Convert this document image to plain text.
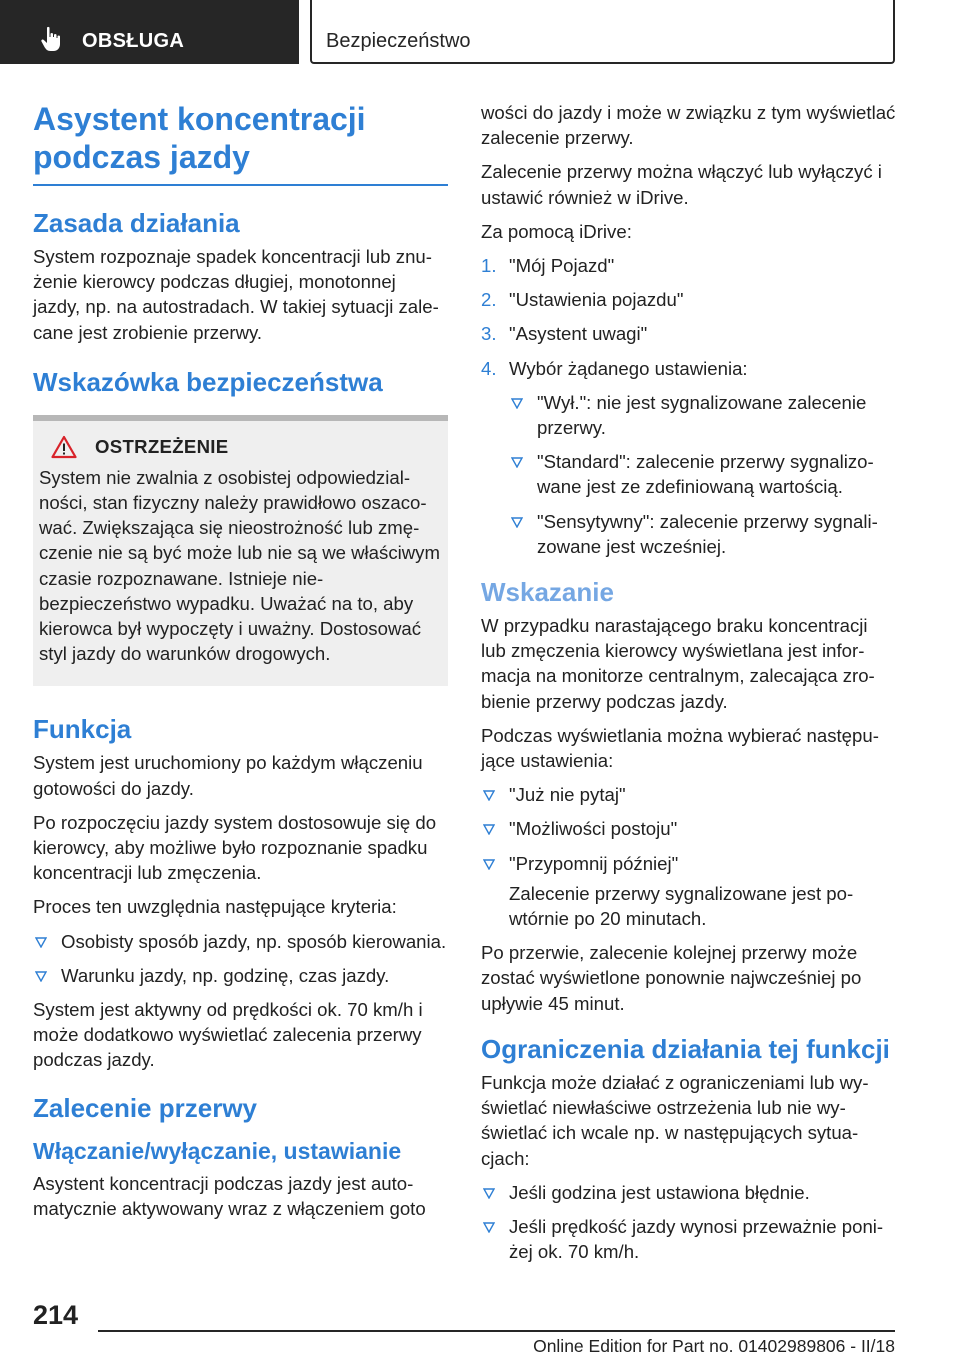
OBSŁUGA	Bezpieczeństwo
Asystent koncentracji podczas jazdy
Zasada działania

System rozpoznaje spadek koncentracji lub znużenie kierowcy podczas długiej, monotonnej jazdy, np. na autostradach. W takiej sytuacji zalecane jest zrobienie przerwy.

Wskazówka bezpieczeństwa
OSTRZEŻENIE

System nie zwalnia z osobistej odpowiedzialności, stan fizyczny należy prawidłowo oszacować. Zwiększająca się nieostrożność lub zmęczenie nie są być może lub nie są we właściwym czasie rozpoznawane. Istnieje niebezpieczeństwo wypadku. Uważać na to, aby kierowca był wypoczęty i uważny. Dostosować styl jazdy do warunków drogowych.

Funkcja

System jest uruchomiony po każdym włączeniu gotowości do jazdy.

Po rozpoczęciu jazdy system dostosowuje się do kierowcy, aby możliwe było rozpoznanie spadku koncentracji lub zmęczenia.

Proces ten uwzględnia następujące kryteria:

Osobisty sposób jazdy, np. sposób kierowania.
Warunku jazdy, np. godzinę, czas jazdy.

System jest aktywny od prędkości ok. 70 km/h i może dodatkowo wyświetlać zalecenia przerwy podczas jazdy.

Zalecenie przerwy
Włączanie/wyłączanie, ustawianie

Asystent koncentracji podczas jazdy jest automatycznie aktywowany wraz z włączeniem goto

wości do jazdy i może w związku z tym wyświetlać zalecenie przerwy.

Zalecenie przerwy można włączyć lub wyłączyć i ustawić również w iDrive.

Za pomocą iDrive:

1. "Mój Pojazd"
2. "Ustawienia pojazdu"
3. "Asystent uwagi"
4. Wybór żądanego ustawienia:
"Wył.": nie jest sygnalizowane zalecenie przerwy.
"Standard": zalecenie przerwy sygnalizowane jest ze zdefiniowaną wartością.
"Sensytywny": zalecenie przerwy sygnalizowane jest wcześniej.
Wskazanie

W przypadku narastającego braku koncentracji lub zmęczenia kierowcy wyświetlana jest informacja na monitorze centralnym, zalecająca zrobienie przerwy podczas jazdy.

Podczas wyświetlania można wybierać następujące ustawienia:

"Już nie pytaj"
"Możliwości postoju"
"Przypomnij później"

Zalecenie przerwy sygnalizowane jest powtórnie po 20 minutach.

Po przerwie, zalecenie kolejnej przerwy może zostać wyświetlone ponownie najwcześniej po upływie 45 minut.

Ograniczenia działania tej funkcji

Funkcja może działać z ograniczeniami lub wyświetlać niewłaściwe ostrzeżenia lub nie wyświetlać ich wcale np. w następujących sytuacjach:

Jeśli godzina jest ustawiona błędnie.
Jeśli prędkość jazdy wynosi przeważnie poniżej ok. 70 km/h.
214
Online Edition for Part no. 01402989806 - II/18
